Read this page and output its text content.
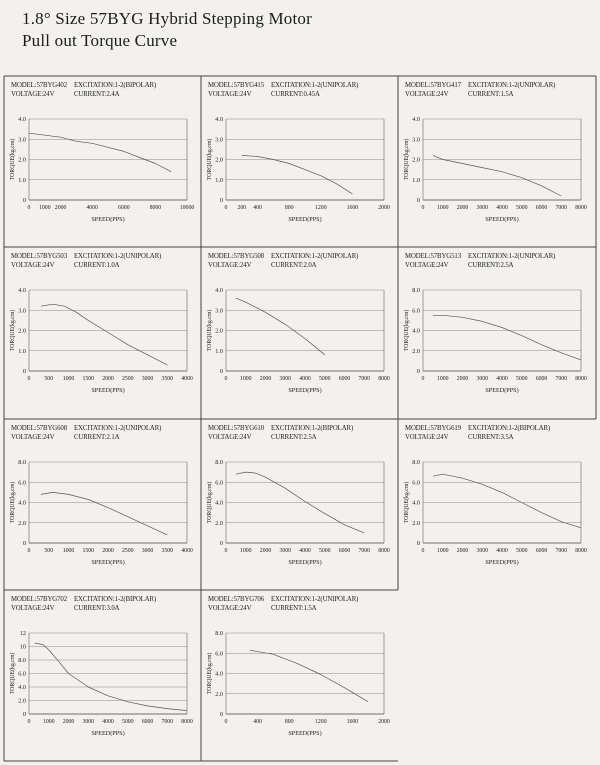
1.8° Size 57BYG Hybrid Stepping Motor
Pull out Torque Curve
MODEL:57BYG402 EXCITATION:1-2(BIPOLAR)
VOLTAGE:24V	CURRENT:2.4A
0
1.0
2.0
3.0
4.0
0 1000 2000	4000	6000	8000	10000
SPEED(PPS)
TORQUE(kg.cm)
MODEL:57BYG415 EXCITATION:1-2(UNIPOLAR)
VOLTAGE:24V	CURRENT:0.45A
0
1.0
2.0
3.0
4.0
0 200 400	800	1200	1600	2000
SPEED(PPS)
TORQUE(kg.cm)
MODEL:57BYG417 EXCITATION:1-2(UNIPOLAR)
VOLTAGE:24V	CURRENT:1.5A
0
1.0
2.0
3.0
4.0
0 1000 2000 3000 4000 5000 6000 7000 8000
SPEED(PPS)
TORQUE(kg.cm)
MODEL:57BYG503 EXCITATION:1-2(UNIPOLAR)
VOLTAGE:24V	CURRENT:1.0A
0
1.0
2.0
3.0
4.0
0 500 1000 1500 2000 2500 3000 3500 4000
SPEED(PPS)
TORQUE(kg.cm)
MODEL:57BYG508 EXCITATION:1-2(UNIPOLAR)
VOLTAGE:24V	CURRENT:2.0A
0
1.0
2.0
3.0
4.0
0 1000 2000 3000 4000 5000 6000 7000 8000
SPEED(PPS)
TORQUE(kg.cm)
MODEL:57BYG513 EXCITATION:1-2(UNIPOLAR)
VOLTAGE:24V	CURRENT:2.5A
0
2.0
4.0
6.0
8.0
0 1000 2000 3000 4000 5000 6000 7000 8000
SPEED(PPS)
TORQUE(kg.cm)
MODEL:57BYG608 EXCITATION:1-2(UNIPOLAR)
VOLTAGE:24V	CURRENT:2.1A
0
2.0
4.0
6.0
8.0
0 500 1000 1500 2000 2500 3000 3500 4000
SPEED(PPS)
TORQUE(kg.cm)
MODEL:57BYG610 EXCITATION:1-2(BIPOLAR)
VOLTAGE:24V	CURRENT:2.5A
0
2.0
4.0
6.0
8.0
0 1000 2000 3000 4000 5000 6000 7000 8000
SPEED(PPS)
TORQUE(kg.cm)
MODEL:57BYG619 EXCITATION:1-2(BIPOLAR)
VOLTAGE:24V	CURRENT:3.5A
0
2.0
4.0
6.0
8.0
0 1000 2000 3000 4000 5000 6000 7000 8000
SPEED(PPS)
TORQUE(kg.cm)
MODEL:57BYG702 EXCITATION:1-2(BIPOLAR)
VOLTAGE:24V	CURRENT:3.0A
0
2.0
4.0
6.0
8.0
10
12
0 1000 2000 3000 4000 5000 6000 7000 8000
SPEED(PPS)
TORQUE(kg.cm)
MODEL:57BYG706 EXCITATION:1-2(UNIPOLAR)
VOLTAGE:24V	CURRENT:1.5A
0
2.0
4.0
6.0
8.0
0	400	800	1200	1600	2000
SPEED(PPS)
TORQUE(kg.cm)
